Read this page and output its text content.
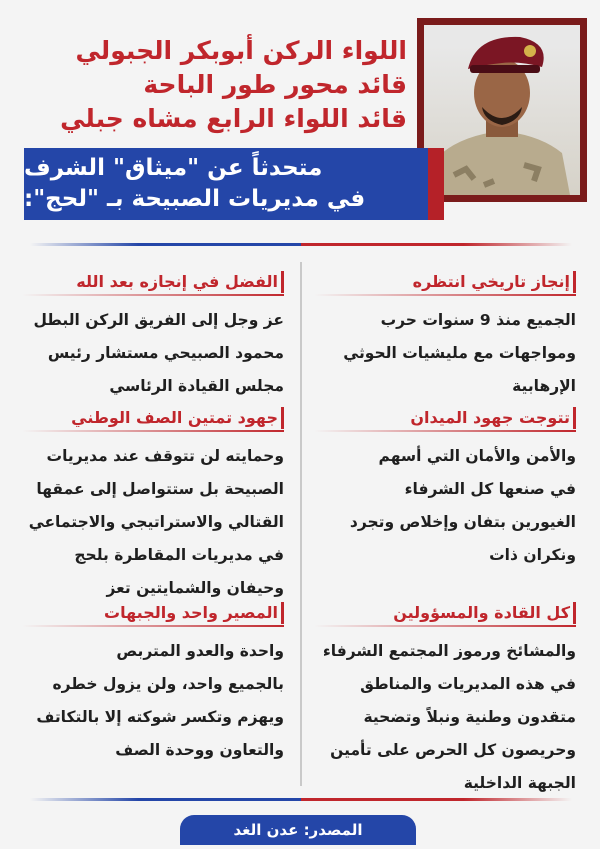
اللواء الركن أبوبكر الجبولي
قائد محور طور الباحة
قائد اللواء الرابع مشاه جبلي
متحدثاً عن "ميثاق" الشرف
في مديريات الصبيحة بـ "لحج":
إنجاز تاريخي انتظره
الجميع منذ 9 سنوات حرب
ومواجهات مع مليشيات الحوثي
الإرهابية
تتوجت جهود الميدان
والأمن والأمان التي أسهم
في صنعها كل الشرفاء
الغيورين بتفان وإخلاص وتجرد
ونكران ذات
كل القادة والمسؤولين
والمشائخ ورموز المجتمع الشرفاء
في هذه المديريات والمناطق
متقدون وطنية ونبلاً وتضحية
وحريصون كل الحرص على تأمين
الجبهة الداخلية
الفضل في إنجازه بعد الله
عز وجل إلى الفريق الركن البطل
محمود الصبيحي مستشار رئيس
مجلس القيادة الرئاسي
جهود تمتين الصف الوطني
وحمايته لن تتوقف عند مديريات
الصبيحة بل ستتواصل إلى عمقها
القتالي والاستراتيجي والاجتماعي
في مديريات المقاطرة بلحج
وحيفان والشمايتين تعز
المصير واحد والجبهات
واحدة والعدو المتربص
بالجميع واحد، ولن يزول خطره
ويهزم وتكسر شوكته إلا بالتكاتف
والتعاون ووحدة الصف
المصدر: عدن الغد
